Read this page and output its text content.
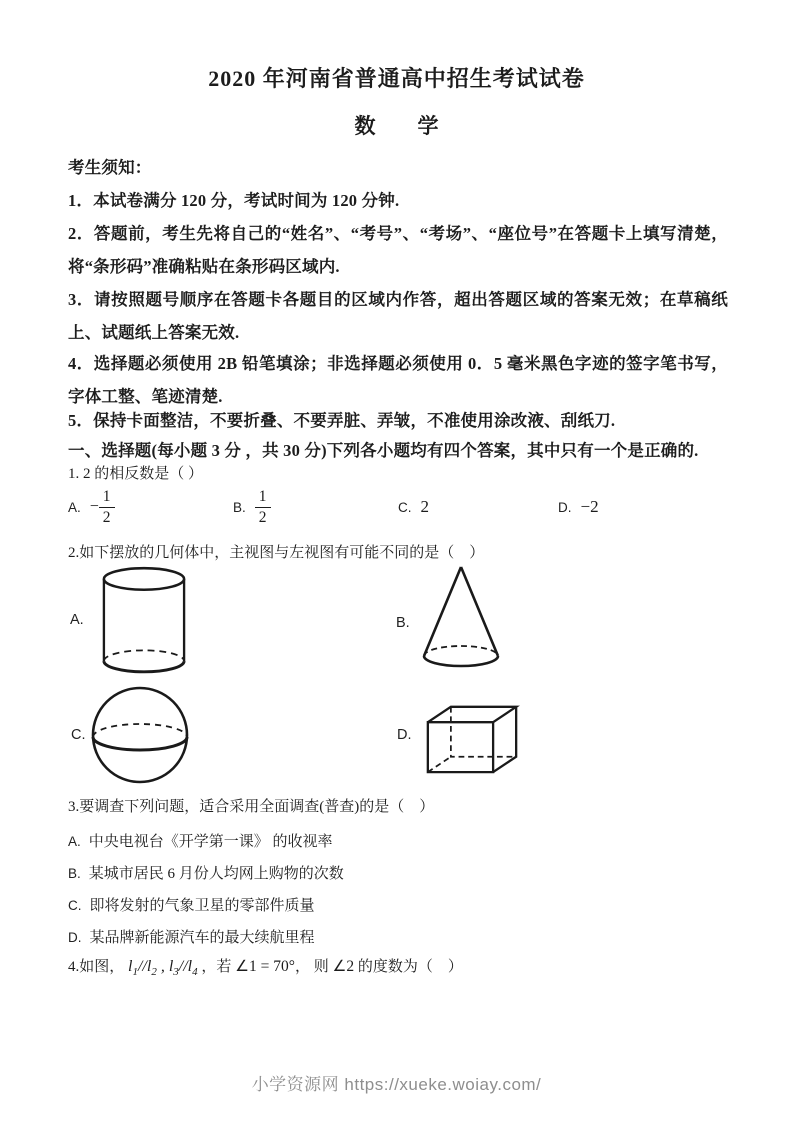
2020 年河南省普通高中招生考试试卷
数　　学
考生须知：
1．本试卷满分 120 分，考试时间为 120 分钟.
2．答题前，考生先将自己的“姓名”、“考号”、“考场”、“座位号”在答题卡上填写清楚，将“条形码”准确粘贴在条形码区域内.
3．请按照题号顺序在答题卡各题目的区域内作答，超出答题区域的答案无效；在草稿纸上、试题纸上答案无效.
4．选择题必须使用 2B 铅笔填涂；非选择题必须使用 0．5 毫米黑色字迹的签字笔书写，字体工整、笔迹清楚.
5．保持卡面整洁，不要折叠、不要弄脏、弄皱，不准使用涂改液、刮纸刀.
一、选择题(每小题 3 分 ，共 30 分)下列各小题均有四个答案，其中只有一个是正确的.
1. 2 的相反数是（ ）
A. − $\frac{1}{2}$	B. $\frac{1}{2}$	C. 2	D. −2
2.如下摆放的几何体中，主视图与左视图有可能不同的是（　）
A.	B.
C.	D.
3.要调查下列问题，适合采用全面调查(普查)的是（　）
A. 中央电视台《开学第一课》 的收视率
B. 某城市居民 6 月份人均网上购物的次数
C. 即将发射的气象卫星的零部件质量
D. 某品牌新能源汽车的最大续航里程
4.如图， $l_1//l_2$ , $l_3//l_4$ ，若 ∠1 = 70°， 则 ∠2 的度数为（　）
小学资源网 https://xueke.woiay.com/
